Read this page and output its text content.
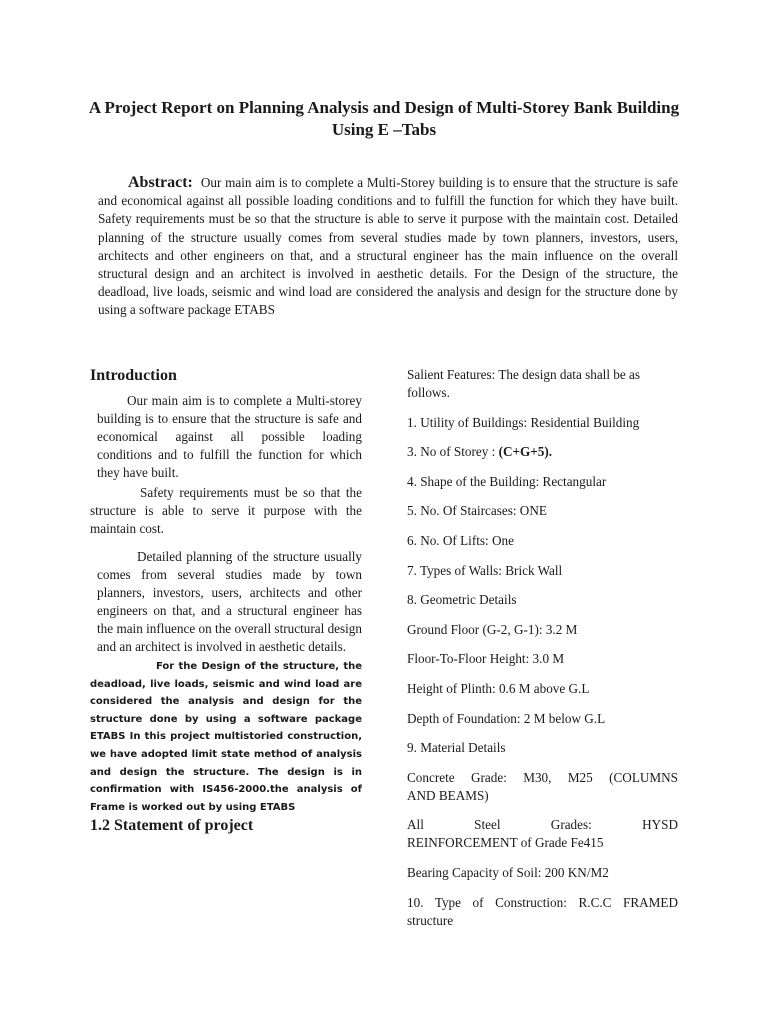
A Project Report on Planning Analysis and Design of Multi-Storey Bank Building Using E –Tabs
Abstract: Our main aim is to complete a Multi-Storey building is to ensure that the structure is safe and economical against all possible loading conditions and to fulfill the function for which they have built. Safety requirements must be so that the structure is able to serve it purpose with the maintain cost. Detailed planning of the structure usually comes from several studies made by town planners, investors, users, architects and other engineers on that, and a structural engineer has the main influence on the overall structural design and an architect is involved in aesthetic details. For the Design of the structure, the deadload, live loads, seismic and wind load are considered the analysis and design for the structure done by using a software package ETABS
Introduction

Our main aim is to complete a Multi-storey building is to ensure that the structure is safe and economical against all possible loading conditions and to fulfill the function for which they have built.

Safety requirements must be so that the structure is able to serve it purpose with the maintain cost.

Detailed planning of the structure usually comes from several studies made by town planners, investors, users, architects and other engineers on that, and a structural engineer has the main influence on the overall structural design and an architect is involved in aesthetic details.

For the Design of the structure, the deadload, live loads, seismic and wind load are considered the analysis and design for the structure done by using a software package ETABS In this project multistoried construction, we have adopted limit state method of analysis and design the structure. The design is in confirmation with IS456-2000.the analysis of Frame is worked out by using ETABS

1.2 Statement of project

Salient Features: The design data shall be as follows.

1. Utility of Buildings: Residential Building

3. No of Storey : (C+G+5).

4. Shape of the Building: Rectangular

5. No. Of Staircases: ONE

6. No. Of Lifts: One

7. Types of Walls: Brick Wall

8. Geometric Details

Ground Floor (G-2, G-1): 3.2 M

Floor-To-Floor Height: 3.0 M

Height of Plinth: 0.6 M above G.L

Depth of Foundation: 2 M below G.L

9. Material Details

Concrete Grade: M30, M25 (COLUMNS
AND BEAMS)

All Steel Grades: HYSD
REINFORCEMENT of Grade Fe415

Bearing Capacity of Soil: 200 KN/M2

10. Type of Construction: R.C.C FRAMED
structure
